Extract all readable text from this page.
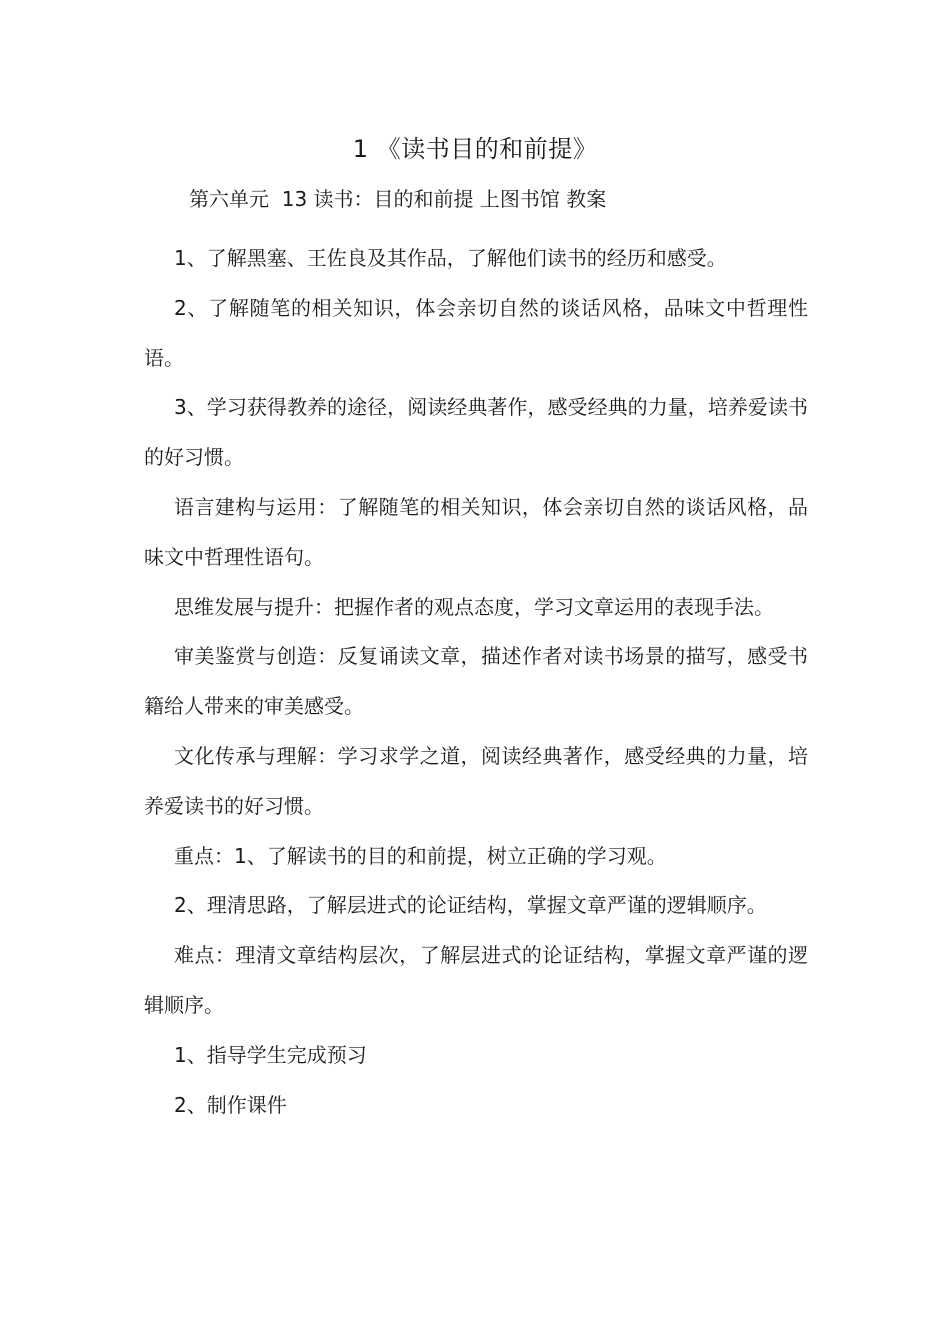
1 《读书目的和前提》
第六单元  13 读书：目的和前提 上图书馆 教案

1、了解黑塞、王佐良及其作品，了解他们读书的经历和感受。

2、了解随笔的相关知识，体会亲切自然的谈话风格，品味文中哲理性语。

3、学习获得教养的途径，阅读经典著作，感受经典的力量，培养爱读书的好习惯。

语言建构与运用：了解随笔的相关知识，体会亲切自然的谈话风格，品味文中哲理性语句。

思维发展与提升：把握作者的观点态度，学习文章运用的表现手法。

审美鉴赏与创造：反复诵读文章，描述作者对读书场景的描写，感受书籍给人带来的审美感受。

文化传承与理解：学习求学之道，阅读经典著作，感受经典的力量，培养爱读书的好习惯。

重点：1、了解读书的目的和前提，树立正确的学习观。

2、理清思路，了解层进式的论证结构，掌握文章严谨的逻辑顺序。

难点：理清文章结构层次，了解层进式的论证结构，掌握文章严谨的逻辑顺序。

1、指导学生完成预习

2、制作课件
